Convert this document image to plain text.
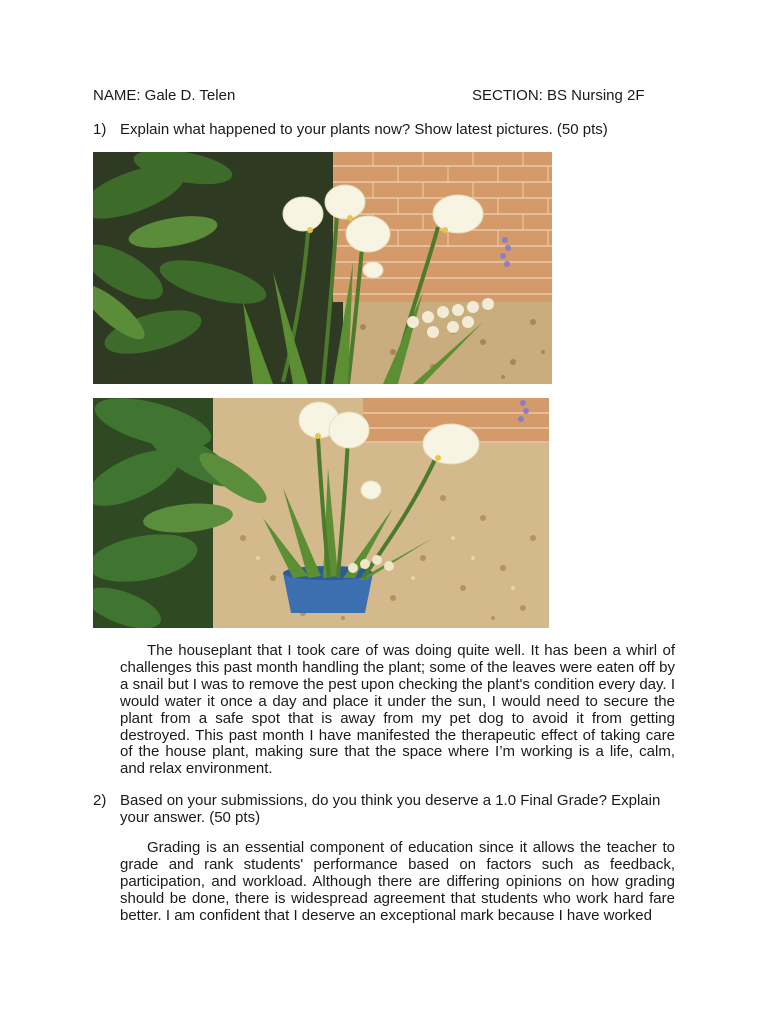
NAME: Gale D. Telen	SECTION: BS Nursing 2F
1) Explain what happened to your plants now? Show latest pictures. (50 pts)

The houseplant that I took care of was doing quite well. It has been a whirl of challenges this past month handling the plant; some of the leaves were eaten off by a snail but I was to remove the pest upon checking the plant's condition every day. I would water it once a day and place it under the sun, I would need to secure the plant from a safe spot that is away from my pet dog to avoid it from getting destroyed. This past month I have manifested the therapeutic effect of taking care of the house plant, making sure that the space where I’m working is a life, calm, and relax environment.

2) Based on your submissions, do you think you deserve a 1.0 Final Grade? Explain your answer. (50 pts)

Grading is an essential component of education since it allows the teacher to grade and rank students' performance based on factors such as feedback, participation, and workload. Although there are differing opinions on how grading should be done, there is widespread agreement that students who work hard fare better. I am confident that I deserve an exceptional mark because I have worked
